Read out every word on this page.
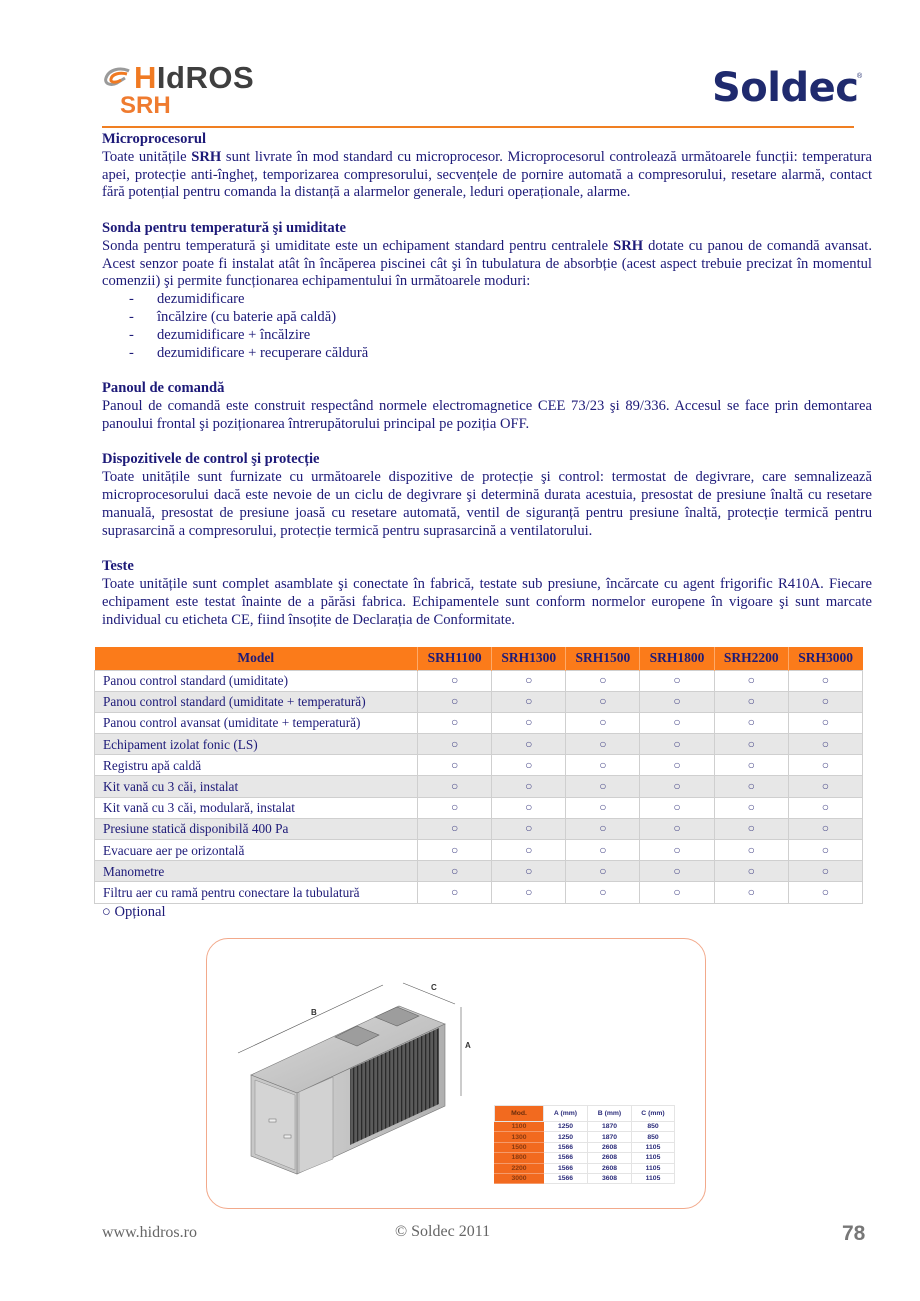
HIdROS
SRH	Soldec
®
Microprocesorul

Toate unitățile SRH sunt livrate în mod standard cu microprocesor. Microprocesorul controlează următoarele funcții: temperatura apei, protecție anti-îngheț, temporizarea compresorului, secvențele de pornire automată a compresorului, resetare alarmă, contact fără potențial pentru comanda la distanță a alarmelor generale, leduri operaționale, alarme.

Sonda pentru temperatură şi umiditate

Sonda pentru temperatură şi umiditate este un echipament standard pentru centralele SRH dotate cu panou de comandă avansat. Acest senzor poate fi instalat atât în încăperea piscinei cât şi în tubulatura de absorbție (acest aspect trebuie precizat în momentul comenzii) şi permite funcționarea echipamentului în următoarele moduri:

-	dezumidificare
-	încălzire (cu baterie apă caldă)
-	dezumidificare + încălzire
-	dezumidificare + recuperare căldură
Panoul de comandă

Panoul de comandă este construit respectând normele electromagnetice CEE 73/23 şi 89/336. Accesul se face prin demontarea panoului frontal şi poziționarea întrerupătorului principal pe poziția OFF.

Dispozitivele de control şi protecție

Toate unitățile sunt furnizate cu următoarele dispozitive de protecție şi control: termostat de degivrare, care semnalizează microprocesorului dacă este nevoie de un ciclu de degivrare şi determină durata acestuia, presostat de presiune înaltă cu resetare manuală, presostat de presiune joasă cu resetare automată, ventil de siguranță pentru presiune înaltă, protecție termică pentru suprasarcină a compresorului, protecție termică pentru suprasarcină a ventilatorului.

Teste

Toate unitățile sunt complet asamblate şi conectate în fabrică, testate sub presiune, încărcate cu agent frigorific R410A. Fiecare echipament este testat înainte de a părăsi fabrica. Echipamentele sunt conform normelor europene în vigoare şi sunt marcate individual cu eticheta CE, fiind însoțite de Declarația de Conformitate.

Model	SRH1100	SRH1300	SRH1500	SRH1800	SRH2200	SRH3000
Panou control standard (umiditate)	○	○	○	○	○	○
Panou control standard (umiditate + temperatură)	○	○	○	○	○	○
Panou control avansat (umiditate + temperatură)	○	○	○	○	○	○
Echipament izolat fonic (LS)	○	○	○	○	○	○
Registru apă caldă	○	○	○	○	○	○
Kit vană cu 3 căi, instalat	○	○	○	○	○	○
Kit vană cu 3 căi, modulară, instalat	○	○	○	○	○	○
Presiune statică disponibilă 400 Pa	○	○	○	○	○	○
Evacuare aer pe orizontală	○	○	○	○	○	○
Manometre	○	○	○	○	○	○
Filtru aer cu ramă pentru conectare la tubulatură	○	○	○	○	○	○
○ Opțional
B
C
A
Mod.	A (mm)	B (mm)	C (mm)
1100	1250	1870	850
1300	1250	1870	850
1500	1566	2608	1105
1800	1566	2608	1105
2200	1566	2608	1105
3000	1566	3608	1105
www.hidros.ro	© Soldec 2011	78
